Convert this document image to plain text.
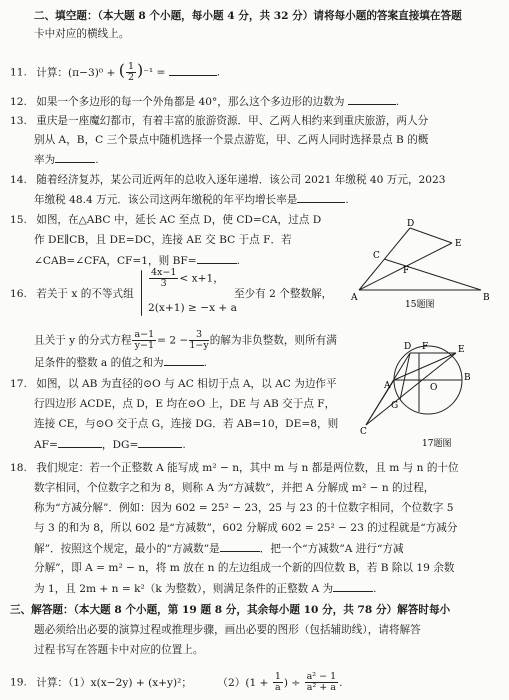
二、填空题：（本大题 8 个小题，每小题 4 分，共 32 分）请将每小题的答案直接填在答题
卡中对应的横线上。
11. 计算：(π−3)⁰ + ( $\frac{1}{2} )^{-1}$ =	.
12. 如果一个多边形的每一个外角都是 40°，那么这个多边形的边数为	.
13. 重庆是一座魔幻都市，有着丰富的旅游资源．甲、乙两人相约来到重庆旅游，两人分
别从 A，B，C 三个景点中随机选择一个景点游览，甲、乙两人同时选择景点 B 的概
率为	.
14. 随着经济复苏，某公司近两年的总收入逐年递增．该公司 2021 年缴税 40 万元，2023
年缴税 48.4 万元．该公司这两年缴税的年平均增长率是	.
15. 如图，在△ABC 中，延长 AC 至点 D，使 CD=CA，过点 D
作 DE∥CB，且 DE=DC，连接 AE 交 BC 于点 F．若
∠CAB=∠CFA，CF=1，则 BF=	.
A	B
C
D
E
F
15题图
16. 若关于 x 的不等式组
$\frac{4x-1}{3} < x+1$，
2(x+1) ≥ −x + a
至少有 2 个整数解，
且关于 y 的分式方程 $\frac{a-1}{y-1} = 2 - \frac{3}{1-y}$ 的解为非负整数，则所有满
足条件的整数 a 的值之和为	.
A
B
C
D	E
F
G
O
17题图
17. 如图，以 AB 为直径的⊙O 与 AC 相切于点 A，以 AC 为边作平
行四边形 ACDE，点 D，E 均在⊙O 上，DE 与 AB 交于点 F，
连接 CE，与⊙O 交于点 G，连接 DG．若 AB=10，DE=8，则
AF=	，DG=	.
18. 我们规定：若一个正整数 A 能写成 m² − n，其中 m 与 n 都是两位数，且 m 与 n 的十位
数字相同，个位数字之和为 8，则称 A 为“方减数”，并把 A 分解成 m² − n 的过程，
称为“方减分解”．例如：因为 602 = 25² − 23，25 与 23 的十位数字相同，个位数字 5
与 3 的和为 8，所以 602 是“方减数”，602 分解成 602 = 25² − 23 的过程就是“方减分
解”．按照这个规定，最小的“方减数”是	．把一个“方减数”A 进行“方减
分解”，即 A = m² − n，将 m 放在 n 的左边组成一个新的四位数 B，若 B 除以 19 余数
为 1，且 2m + n = k²（k 为整数），则满足条件的正整数 A 为	.
三、解答题：（本大题 8 个小题，第 19 题 8 分，其余每小题 10 分，共 78 分）解答时每小
题必须给出必要的演算过程或推理步骤，画出必要的图形（包括辅助线），请将解答
过程书写在答题卡中对应的位置上。
19. 计算：（1）x(x−2y) + (x+y)²； $(2)(1 + \frac{1}{a}$ ) ÷ $\frac{\text{a² − 1}}{\text{a² + a}}$ .
